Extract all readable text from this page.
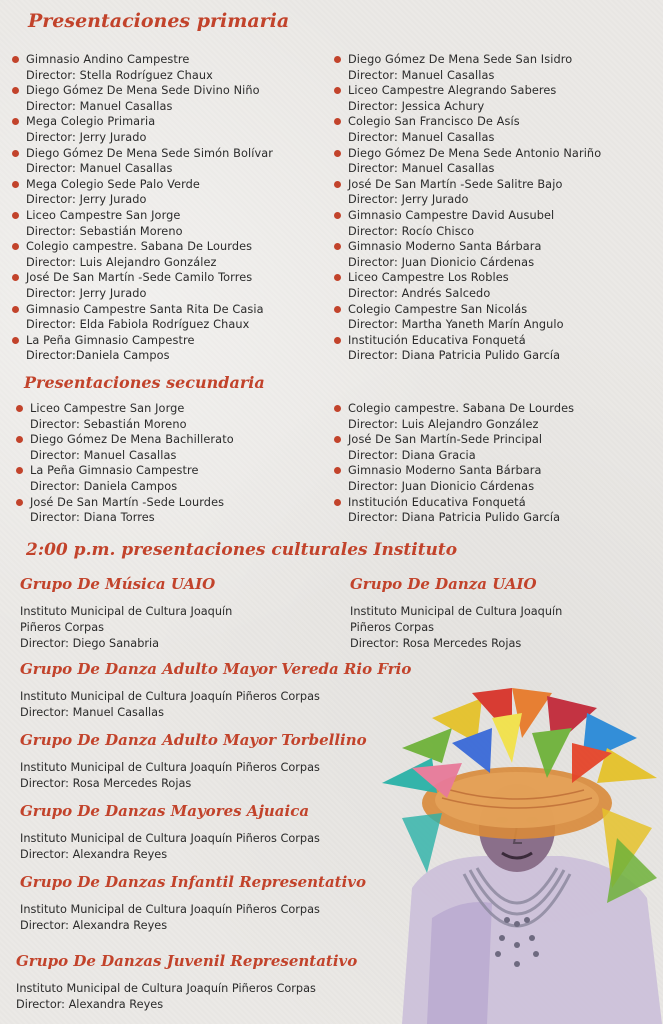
Presentaciones primaria
Presentaciones secundaria
2:00 p.m. presentaciones culturales Instituto
Gimnasio Andino Campestre
Director: Stella Rodríguez Chaux
Diego Gómez De Mena Sede Divino Niño
Director: Manuel Casallas
Mega Colegio Primaria
Director: Jerry Jurado
Diego Gómez De Mena Sede Simón Bolívar
Director: Manuel Casallas
Mega Colegio Sede Palo Verde
Director: Jerry Jurado
Liceo Campestre San Jorge
Director: Sebastián Moreno
Colegio campestre. Sabana De Lourdes
Director: Luis Alejandro González
José De San Martín -Sede Camilo Torres
Director: Jerry Jurado
Gimnasio Campestre Santa Rita De Casia
Director: Elda Fabiola Rodríguez Chaux
La Peña Gimnasio Campestre
Director:Daniela Campos
Diego Gómez De Mena Sede San Isidro
Director: Manuel Casallas
Liceo Campestre Alegrando Saberes
Director: Jessica Achury
Colegio San Francisco De Asís
Director: Manuel Casallas
Diego Gómez De Mena Sede Antonio Nariño
Director: Manuel Casallas
José De San Martín -Sede Salitre Bajo
Director: Jerry Jurado
Gimnasio Campestre David Ausubel
Director: Rocío Chisco
Gimnasio Moderno Santa Bárbara
Director: Juan Dionicio Cárdenas
Liceo Campestre Los Robles
Director: Andrés Salcedo
Colegio Campestre San Nicolás
Director: Martha Yaneth Marín Angulo
Institución Educativa Fonquetá
Director: Diana Patricia Pulido García
Liceo Campestre San Jorge
Director: Sebastián Moreno
Diego Gómez De Mena Bachillerato
Director: Manuel Casallas
La Peña Gimnasio Campestre
Director: Daniela Campos
José De San Martín -Sede Lourdes
Director: Diana Torres
Colegio campestre. Sabana De Lourdes
Director: Luis Alejandro González
José De San Martín-Sede Principal
Director: Diana Gracia
Gimnasio Moderno Santa Bárbara
Director: Juan Dionicio Cárdenas
Institución Educativa Fonquetá
Director: Diana Patricia Pulido García
Grupo De Música UAIO
Instituto Municipal de Cultura Joaquín
Piñeros Corpas
Director: Diego Sanabria
Grupo De Danza UAIO
Instituto Municipal de Cultura Joaquín
Piñeros Corpas
Director: Rosa Mercedes Rojas
Grupo De Danza Adulto Mayor Vereda Rio Frio
Instituto Municipal de Cultura Joaquín Piñeros Corpas
Director: Manuel Casallas
Grupo De Danza Adulto Mayor Torbellino
Instituto Municipal de Cultura Joaquín Piñeros Corpas
Director: Rosa Mercedes Rojas
Grupo De Danzas Mayores Ajuaica
Instituto Municipal de Cultura Joaquín Piñeros Corpas
Director: Alexandra Reyes
Grupo De Danzas Infantil Representativo
Instituto Municipal de Cultura Joaquín Piñeros Corpas
Director: Alexandra Reyes
Grupo De Danzas Juvenil Representativo
Instituto Municipal de Cultura Joaquín Piñeros Corpas
Director: Alexandra Reyes
